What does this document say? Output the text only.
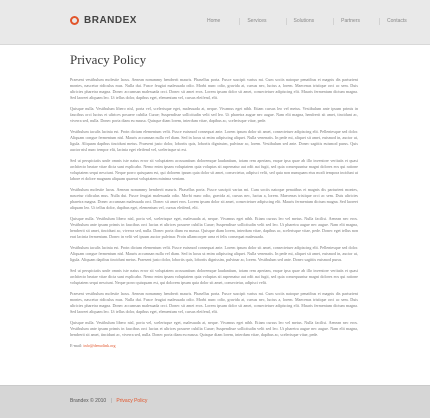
BRANDEX	Home	Services	Solutions	Partners	Contacts
Privacy Policy

Praesent vestibulum molestie lacus. Aenean nonummy hendrerit mauris. Phasellus porta. Fusce suscipit varius mi. Cum sociis natoque penatibus et magnis dis parturient montes, nascetur ridiculus mus. Nulla dui. Fusce feugiat malesuada odio. Morbi nunc odio, gravida at, cursus nec, luctus a, lorem. Maecenas tristique orci ac sem. Duis ultricies pharetra magna. Donec accumsan malesuada orci. Donec sit amet eros. Lorem ipsum dolor sit amet, consectetuer adipiscing elit. Mauris fermentum dictum magna. Sed laoreet aliquam leo. Ut tellus dolor, dapibus eget, elementum vel, cursus eleifend, elit.

Quisque nulla. Vestibulum libero nisl, porta vel, scelerisque eget, malesuada at, neque. Vivamus eget nibh. Etiam cursus leo vel metus. Vestibulum ante ipsum primis in faucibus orci luctus et ultrices posuere cubilia Curae; Suspendisse sollicitudin velit sed leo. Ut pharetra augue nec augue. Nam elit magna, hendrerit sit amet, tincidunt ac, viverra sed, nulla. Donec porta diam eu massa. Quisque diam lorem, interdum vitae, dapibus ac, scelerisque vitae, pede.

Vestibulum iaculis lacinia est. Proin dictum elementum velit. Fusce euismod consequat ante. Lorem ipsum dolor sit amet, consectetuer adipiscing elit. Pellentesque sed dolor. Aliquam congue fermentum nisl. Mauris accumsan nulla vel diam. Sed in lacus ut enim adipiscing aliquet. Nulla venenatis. In pede mi, aliquet sit amet, euismod in, auctor ut, ligula. Aliquam dapibus tincidunt metus. Praesent justo dolor, lobortis quis, lobortis dignissim, pulvinar ac, lorem. Vestibulum sed ante. Donec sagittis euismod purus. Quis auctor nisl nunc tempor elit, lacinia eget eleifend vel, scelerisque ut est.

Sed ut perspiciatis unde omnis iste natus error sit voluptatem accusantium doloremque laudantium, totam rem aperiam, eaque ipsa quae ab illo inventore veritatis et quasi architecto beatae vitae dicta sunt explicabo. Nemo enim ipsam voluptatem quia voluptas sit aspernatur aut odit aut fugit, sed quia consequuntur magni dolores eos qui ratione voluptatem sequi nesciunt. Neque porro quisquam est, qui dolorem ipsum quia dolor sit amet, consectetur, adipisci velit, sed quia non numquam eius modi tempora incidunt ut labore et dolore magnam aliquam quaerat voluptatem minima veniam.

Vestibulum molestie lacus. Aenean nonummy hendrerit mauris. Phasellus porta. Fusce suscipit varius mi. Cum sociis natoque penatibus et magnis dis parturient montes, nascetur ridiculus mus. Nulla dui. Fusce feugiat malesuada odio. Morbi nunc odio, gravida at, cursus nec, luctus a, lorem. Maecenas tristique orci ac sem. Duis ultricies pharetra magna. Donec accumsan malesuada orci. Donec sit amet eros. Lorem ipsum dolor sit amet, consectetuer adipiscing elit. Mauris fermentum dictum magna. Sed laoreet aliquam leo. Ut tellus dolor, dapibus eget, elementum vel, cursus eleifend, elit.

Quisque nulla. Vestibulum libero nisl, porta vel, scelerisque eget, malesuada at, neque. Vivamus eget nibh. Etiam cursus leo vel metus. Nulla facilisi. Aenean nec eros. Vestibulum ante ipsum primis in faucibus orci luctus et ultrices posuere cubilia Curae; Suspendisse sollicitudin velit sed leo. Ut pharetra augue nec augue. Nam elit magna, hendrerit sit amet, tincidunt ac, viverra sed, nulla. Donec porta diam eu massa. Quisque diam lorem, interdum vitae, dapibus ac, scelerisque vitae, pede. Donec eget tellus non erat lacinia fermentum. Donec in velit vel ipsum auctor pulvinar. Proin ullamcorper urna et felis consequat malesuada.

Vestibulum iaculis lacinia est. Proin dictum elementum velit. Fusce euismod consequat ante. Lorem ipsum dolor sit amet, consectetuer adipiscing elit. Pellentesque sed dolor. Aliquam congue fermentum nisl. Mauris accumsan nulla vel diam. Sed in lacus ut enim adipiscing aliquet. Nulla venenatis. In pede mi, aliquet sit amet, euismod in, auctor ut, ligula. Aliquam dapibus tincidunt metus. Praesent justo dolor, lobortis quis, lobortis dignissim, pulvinar ac, lorem. Vestibulum sed ante. Donec sagittis euismod purus.

Sed ut perspiciatis unde omnis iste natus error sit voluptatem accusantium doloremque laudantium, totam rem aperiam, eaque ipsa quae ab illo inventore veritatis et quasi architecto beatae vitae dicta sunt explicabo. Nemo enim ipsam voluptatem quia voluptas sit aspernatur aut odit aut fugit, sed quia consequuntur magni dolores eos qui ratione voluptatem sequi nesciunt. Neque porro quisquam est, qui dolorem ipsum quia dolor sit amet, consectetur, adipisci velit.

Praesent vestibulum molestie lacus. Aenean nonummy hendrerit mauris. Phasellus porta. Fusce suscipit varius mi. Cum sociis natoque penatibus et magnis dis parturient montes, nascetur ridiculus mus. Nulla dui. Fusce feugiat malesuada odio. Morbi nunc odio, gravida at, cursus nec, luctus a, lorem. Maecenas tristique orci ac sem. Duis ultricies pharetra magna. Donec accumsan malesuada orci. Donec sit amet eros. Lorem ipsum dolor sit amet, consectetuer adipiscing elit. Mauris fermentum dictum magna. Sed laoreet aliquam leo. Ut tellus dolor, dapibus eget, elementum vel, cursus eleifend, elit.

Quisque nulla. Vestibulum libero nisl, porta vel, scelerisque eget, malesuada at, neque. Vivamus eget nibh. Etiam cursus leo vel metus. Nulla facilisi. Aenean nec eros. Vestibulum ante ipsum primis in faucibus orci luctus et ultrices posuere cubilia Curae; Suspendisse sollicitudin velit sed leo. Ut pharetra augue nec augue. Nam elit magna, hendrerit sit amet, tincidunt ac, viverra sed, nulla. Donec porta diam eu massa. Quisque diam lorem, interdum vitae, dapibus ac, scelerisque vitae, pede.

E-mail: info@demolink.org
Brandex © 2010 | Privacy Policy
